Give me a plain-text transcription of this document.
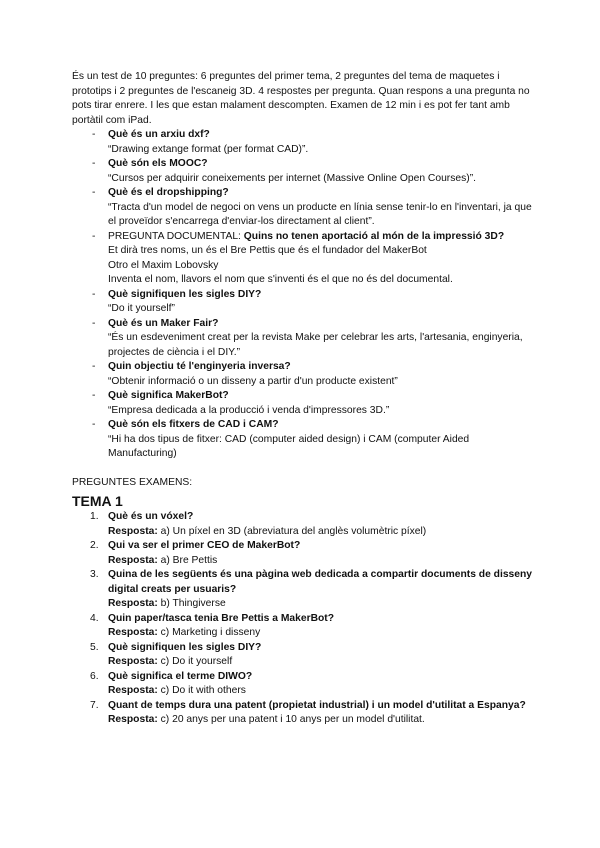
És un test de 10 preguntes: 6 preguntes del primer tema, 2 preguntes del tema de maquetes i prototips i 2 preguntes de l'escaneig 3D. 4 respostes per pregunta. Quan respons a una pregunta no pots tirar enrere. I les que estan malament descompten. Examen de 12 min i es pot fer tant amb portàtil com iPad.

- Què és un arxiu dxf?
“Drawing extange format (per format CAD)”.
- Què són els MOOC?
“Cursos per adquirir coneixements per internet (Massive Online Open Courses)”.
- Què és el dropshipping?
“Tracta d'un model de negoci on vens un producte en línia sense tenir-lo en l'inventari, ja que el proveïdor s'encarrega d'enviar-los directament al client”.
- PREGUNTA DOCUMENTAL: Quins no tenen aportació al món de la impressió 3D?
Et dirà tres noms, un és el Bre Pettis que és el fundador del MakerBot
Otro el Maxim Lobovsky
Inventa el nom, llavors el nom que s'inventi és el que no és del documental.
- Què signifiquen les sigles DIY?
“Do it yourself”
- Què és un Maker Fair?
“És un esdeveniment creat per la revista Make per celebrar les arts, l'artesania, enginyeria, projectes de ciència i el DIY.”
- Quin objectiu té l'enginyeria inversa?
“Obtenir informació o un disseny a partir d'un producte existent”
- Què significa MakerBot?
“Empresa dedicada a la producció i venda d'impressores 3D.”
- Què són els fitxers de CAD i CAM?
“Hi ha dos tipus de fitxer: CAD (computer aided design) i CAM (computer Aided Manufacturing)
PREGUNTES EXAMENS:
TEMA 1
1. Què és un vóxel?
Resposta: a) Un píxel en 3D (abreviatura del anglès volumètric píxel)
2. Qui va ser el primer CEO de MakerBot?
Resposta: a) Bre Pettis
3. Quina de les següents és una pàgina web dedicada a compartir documents de disseny digital creats per usuaris?
Resposta: b) Thingiverse
4. Quin paper/tasca tenia Bre Pettis a MakerBot?
Resposta: c) Marketing i disseny
5. Què signifiquen les sigles DIY?
Resposta: c) Do it yourself
6. Què significa el terme DIWO?
Resposta: c) Do it with others
7. Quant de temps dura una patent (propietat industrial) i un model d'utilitat a Espanya?
Resposta: c) 20 anys per una patent i 10 anys per un model d'utilitat.
